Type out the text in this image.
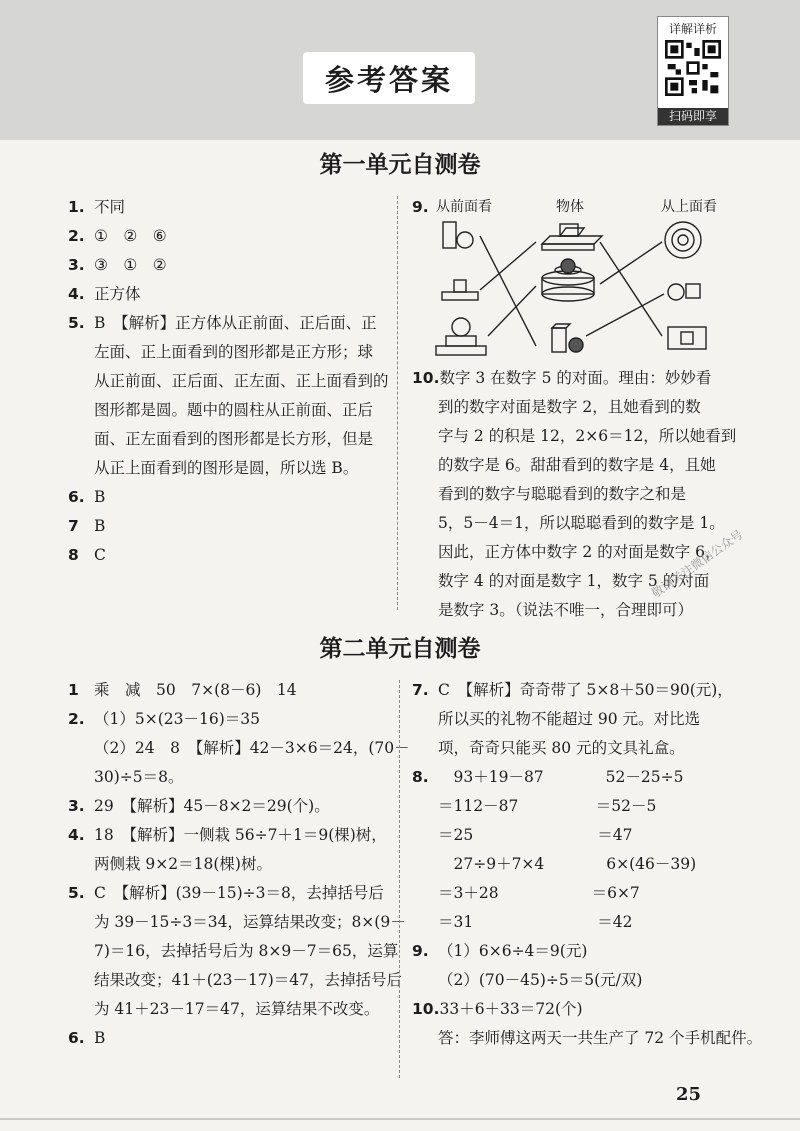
参考答案
详解详析
扫码即享
第一单元自测卷
1. 不同
2. ①　②　⑥
3. ③　①　②
4. 正方体
5. B　【解析】正方体从正前面、正后面、正
左面、正上面看到的图形都是正方形；球
从正前面、正后面、正左面、正上面看到的
图形都是圆。题中的圆柱从正前面、正后
面、正左面看到的图形都是长方形，但是
从正上面看到的图形是圆，所以选 B。
6. B
7 B
8 C
9. 从前面看	物体	从上面看
10.数字 3 在数字 5 的对面。理由：妙妙看
到的数字对面是数字 2，且她看到的数
字与 2 的积是 12，2×6＝12，所以她看到
的数字是 6。甜甜看到的数字是 4，且她
看到的数字与聪聪看到的数字之和是
5，5－4＝1，所以聪聪看到的数字是 1。
因此，正方体中数字 2 的对面是数字 6，
数字 4 的对面是数字 1，数字 5 的对面
是数字 3。（说法不唯一，合理即可）
敬请关注微信公众号
第二单元自测卷
1 乘　减　50　7×(8－6)　14
2. （1）5×(23－16)＝35
（2）24　8　【解析】42－3×6＝24，(70－
30)÷5＝8。
3. 29　【解析】45－8×2＝29(个)。
4. 18　【解析】一侧栽 56÷7＋1＝9(棵)树，
两侧栽 9×2＝18(棵)树。
5. C　【解析】(39－15)÷3＝8，去掉括号后
为 39－15÷3＝34，运算结果改变；8×(9－
7)＝16，去掉括号后为 8×9－7＝65，运算
结果改变；41＋(23－17)＝47，去掉括号后
为 41＋23－17＝47，运算结果不改变。
6. B
7. C　【解析】奇奇带了 5×8＋50＝90(元)，
所以买的礼物不能超过 90 元。对比选
项，奇奇只能买 80 元的文具礼盒。
8.　93＋19－87　　　　52－25÷5
＝112－87　　　　　＝52－5
＝25　　　　　　　　＝47
　27÷9＋7×4　　　　6×(46－39)
＝3＋28　　　　　　＝6×7
＝31　　　　　　　　＝42
9. （1）6×6÷4＝9(元)
（2）(70－45)÷5＝5(元/双)
10.33＋6＋33＝72(个)
答：李师傅这两天一共生产了 72 个手机配件。
25
